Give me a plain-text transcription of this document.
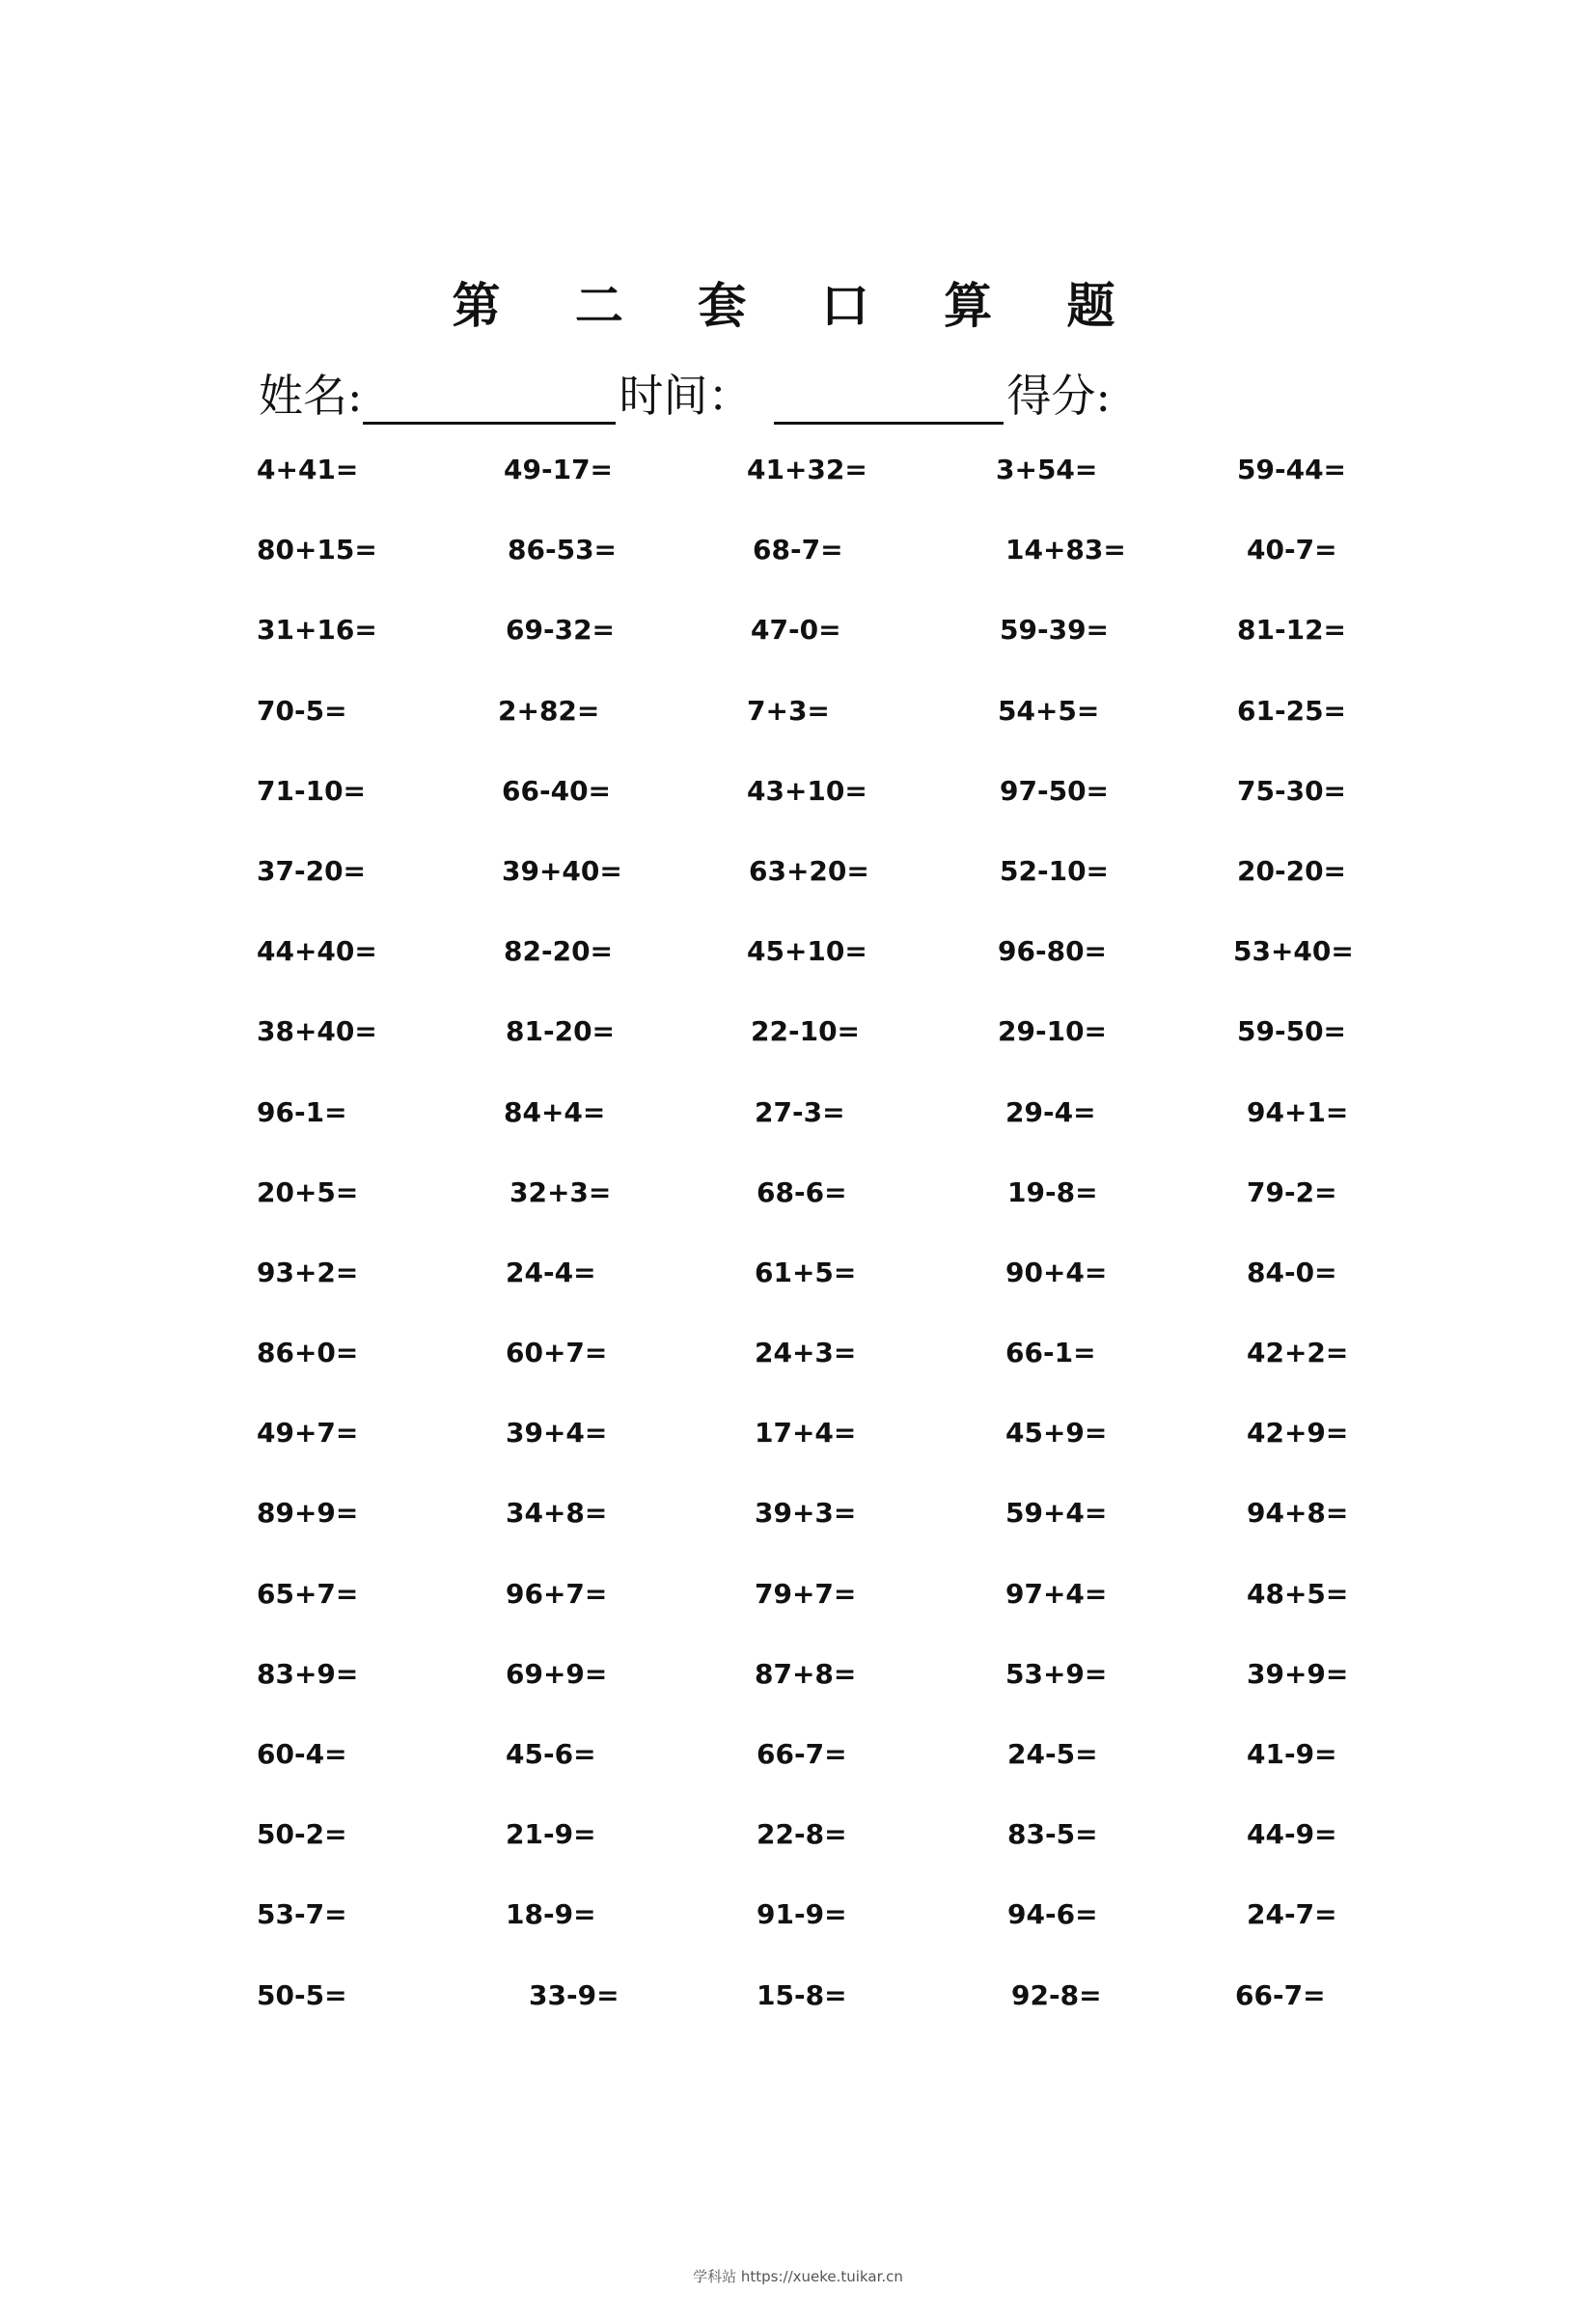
第 二 套 口 算 题
姓名:	时间：	得分:
4+41=	49-17=	41+32=	3+54=	59-44=
80+15=	86-53=	68-7=	14+83=	40-7=
31+16=	69-32=	47-0=	59-39=	81-12=
70-5=	2+82=	7+3=	54+5=	61-25=
71-10=	66-40=	43+10=	97-50=	75-30=
37-20=	39+40=	63+20=	52-10=	20-20=
44+40=	82-20=	45+10=	96-80=	53+40=
38+40=	81-20=	22-10=	29-10=	59-50=
96-1=	84+4=	27-3=	29-4=	94+1=
20+5=	32+3=	68-6=	19-8=	79-2=
93+2=	24-4=	61+5=	90+4=	84-0=
86+0=	60+7=	24+3=	66-1=	42+2=
49+7=	39+4=	17+4=	45+9=	42+9=
89+9=	34+8=	39+3=	59+4=	94+8=
65+7=	96+7=	79+7=	97+4=	48+5=
83+9=	69+9=	87+8=	53+9=	39+9=
60-4=	45-6=	66-7=	24-5=	41-9=
50-2=	21-9=	22-8=	83-5=	44-9=
53-7=	18-9=	91-9=	94-6=	24-7=
50-5=	33-9=	15-8=	92-8=	66-7=
学科站 https://xueke.tuikar.cn
